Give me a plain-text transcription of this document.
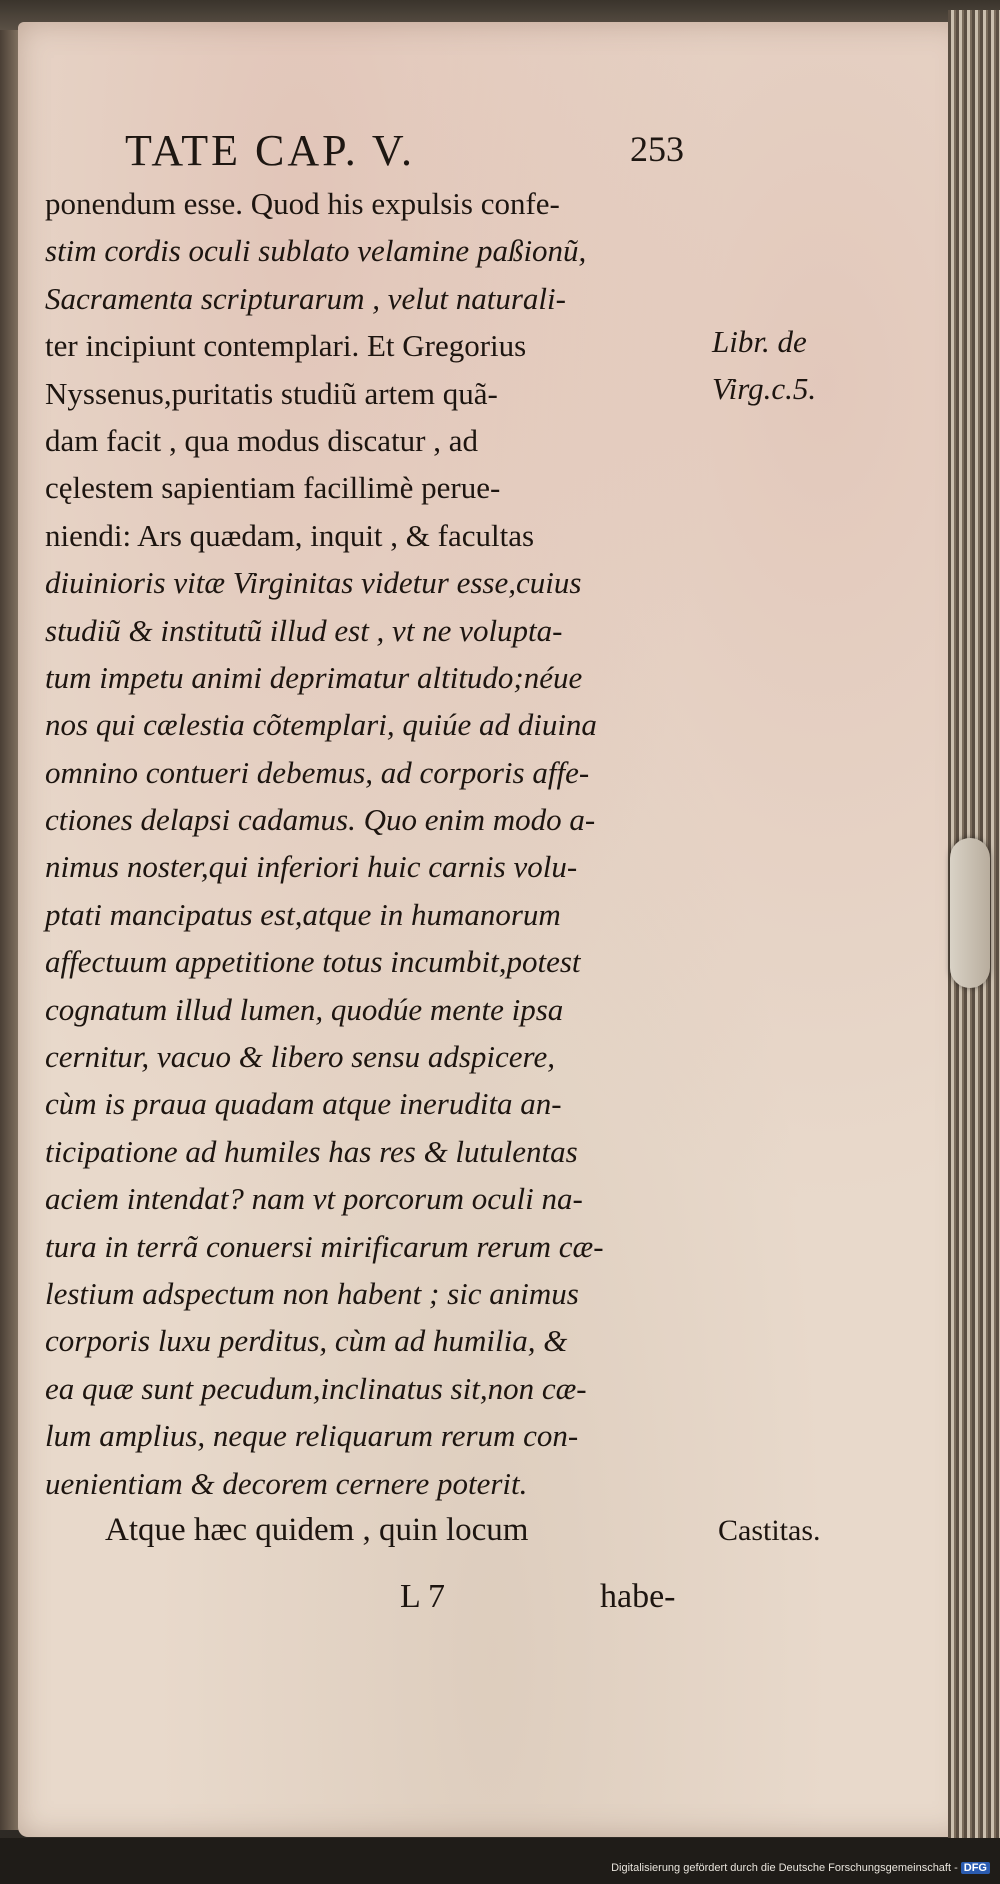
TATE CAP. V.	253
ponendum esse. Quod his expulsis confe-
stim cordis oculi sublato velamine paßionũ,
Sacramenta scripturarum , velut naturali-
ter incipiunt contemplari. Et Gregorius
Nyssenus,puritatis studiũ artem quã-
dam facit , qua modus discatur , ad
cęlestem sapientiam facillimè perue-
niendi: Ars quædam, inquit , & facultas
diuinioris vitæ Virginitas videtur esse,cuius
studiũ & institutũ illud est , vt ne volupta-
tum impetu animi deprimatur altitudo;néue
nos qui cælestia cõtemplari, quiúe ad diuina
omnino contueri debemus, ad corporis affe-
ctiones delapsi cadamus. Quo enim modo a-
nimus noster,qui inferiori huic carnis volu-
ptati mancipatus est,atque in humanorum
affectuum appetitione totus incumbit,potest
cognatum illud lumen, quodúe mente ipsa
cernitur, vacuo & libero sensu adspicere,
cùm is praua quadam atque inerudita an-
ticipatione ad humiles has res & lutulentas
aciem intendat? nam vt porcorum oculi na-
tura in terrã conuersi mirificarum rerum cæ-
lestium adspectum non habent ; sic animus
corporis luxu perditus, cùm ad humilia, &
ea quæ sunt pecudum,inclinatus sit,non cæ-
lum amplius, neque reliquarum rerum con-
uenientiam & decorem cernere poterit.
Atque hæc quidem , quin locum
Libr. de
Virg.c.5.
Castitas.
L 7	habe-
Digitalisierung gefördert durch die Deutsche Forschungsgemeinschaft - DFG
